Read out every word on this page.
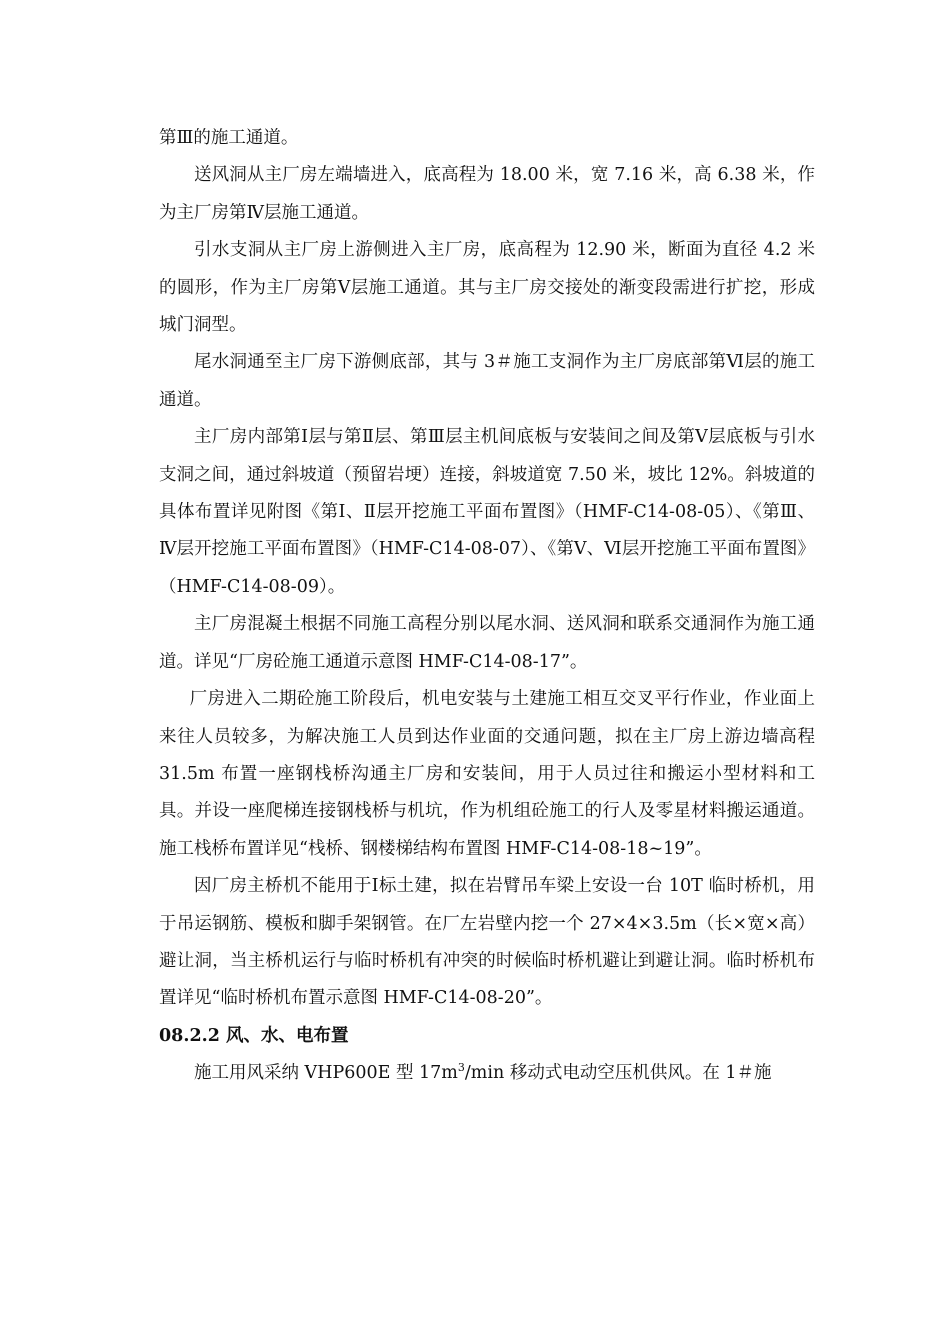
第Ⅲ的施工通道。

送风洞从主厂房左端墙进入，底高程为 18.00 米，宽 7.16 米，高 6.38 米，作为主厂房第Ⅳ层施工通道。

引水支洞从主厂房上游侧进入主厂房，底高程为 12.90 米，断面为直径 4.2 米的圆形，作为主厂房第Ⅴ层施工通道。其与主厂房交接处的渐变段需进行扩挖，形成城门洞型。

尾水洞通至主厂房下游侧底部，其与 3＃施工支洞作为主厂房底部第Ⅵ层的施工通道。

主厂房内部第Ⅰ层与第Ⅱ层、第Ⅲ层主机间底板与安装间之间及第Ⅴ层底板与引水支洞之间，通过斜坡道（预留岩埂）连接，斜坡道宽 7.50 米，坡比 12%。斜坡道的具体布置详见附图《第Ⅰ、Ⅱ层开挖施工平面布置图》（HMF-C14-08-05）、《第Ⅲ、Ⅳ层开挖施工平面布置图》（HMF-C14-08-07）、《第Ⅴ、Ⅵ层开挖施工平面布置图》（HMF-C14-08-09）。

主厂房混凝土根据不同施工高程分别以尾水洞、送风洞和联系交通洞作为施工通道。详见“厂房砼施工通道示意图 HMF-C14-08-17”。

厂房进入二期砼施工阶段后，机电安装与土建施工相互交叉平行作业，作业面上来往人员较多，为解决施工人员到达作业面的交通问题，拟在主厂房上游边墙高程 31.5m 布置一座钢栈桥沟通主厂房和安装间，用于人员过往和搬运小型材料和工具。并设一座爬梯连接钢栈桥与机坑，作为机组砼施工的行人及零星材料搬运通道。施工栈桥布置详见“栈桥、钢楼梯结构布置图 HMF-C14-08-18~19”。

因厂房主桥机不能用于Ⅰ标土建，拟在岩臂吊车梁上安设一台 10T 临时桥机，用于吊运钢筋、模板和脚手架钢管。在厂左岩壁内挖一个 27×4×3.5m（长×宽×高）避让洞，当主桥机运行与临时桥机有冲突的时候临时桥机避让到避让洞。临时桥机布置详见“临时桥机布置示意图 HMF-C14-08-20”。

08.2.2 风、水、电布置

施工用风采纳 VHP600E 型 $17m^3/\min$ 移动式电动空压机供风。在 1＃施
